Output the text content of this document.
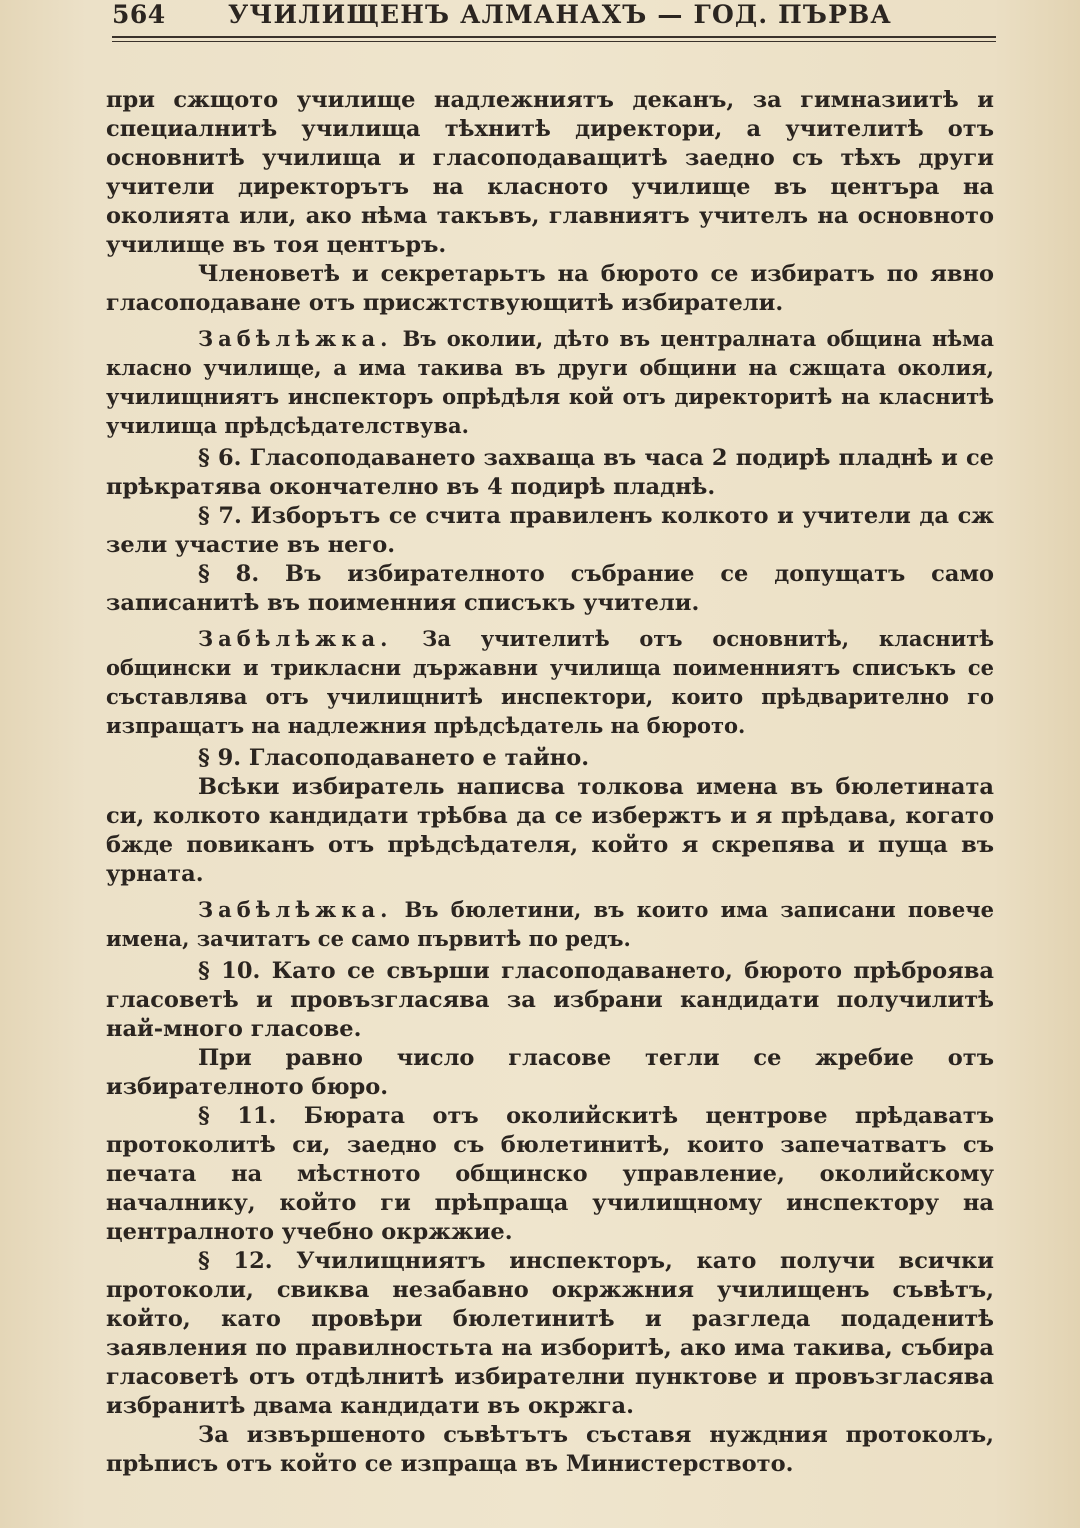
564 УЧИЛИЩЕНЪ АЛМАНАХЪ — ГОД. ПЪРВА

при сжщото училище надлежниятъ деканъ, за гимназиитѣ и специалнитѣ училища тѣхнитѣ директори, а учителитѣ отъ основнитѣ училища и гласоподаващитѣ заедно съ тѣхъ други учители директорътъ на класното училище въ центъра на околията или, ако нѣма такъвъ, главниятъ учителъ на основното училище въ тоя центъръ.

Членоветѣ и секретарьтъ на бюрото се избиратъ по явно гласоподаване отъ присжтствующитѣ избиратели.

Забѣлѣжка. Въ околии, дѣто въ централната община нѣма класно училище, а има такива въ други общини на сжщата околия, училищниятъ инспекторъ опрѣдѣля кой отъ директоритѣ на класнитѣ училища прѣдсѣдателствува.

§ 6. Гласоподаването захваща въ часа 2 подирѣ пладнѣ и се прѣкратява окончателно въ 4 подирѣ пладнѣ.

§ 7. Изборътъ се счита правиленъ колкото и учители да сж зели участие въ него.

§ 8. Въ избирателното събрание се допущатъ само записанитѣ въ поименния списъкъ учители.

Забѣлѣжка. За учителитѣ отъ основнитѣ, класнитѣ общински и трикласни държавни училища поименниятъ списъкъ се съставлява отъ училищнитѣ инспектори, които прѣдварително го изпращатъ на надлежния прѣдсѣдатель на бюрото.

§ 9. Гласоподаването е тайно.

Всѣки избиратель написва толкова имена въ бюлетината си, колкото кандидати трѣбва да се избержтъ и я прѣдава, когато бжде повиканъ отъ прѣдсѣдателя, който я скрепява и пуща въ урната.

Забѣлѣжка. Въ бюлетини, въ които има записани повече имена, зачитатъ се само първитѣ по редъ.

§ 10. Като се свърши гласоподаването, бюрото прѣброява гласоветѣ и провъзгласява за избрани кандидати получилитѣ най-много гласове.

При равно число гласове тегли се жребие отъ избирателното бюро.

§ 11. Бюрата отъ околийскитѣ центрове прѣдаватъ протоколитѣ си, заедно съ бюлетинитѣ, които запечатватъ съ печата на мѣстното общинско управление, околийскому началнику, който ги прѣпраща училищному инспектору на централното учебно окржжие.

§ 12. Училищниятъ инспекторъ, като получи всички протоколи, свиква незабавно окржжния училищенъ съвѣтъ, който, като провѣри бюлетинитѣ и разгледа подаденитѣ заявления по правилностьта на изборитѣ, ако има такива, събира гласоветѣ отъ отдѣлнитѣ избирателни пунктове и провъзгласява избранитѣ двама кандидати въ окржга.

За извършеното съвѣтътъ съставя нуждния протоколъ, прѣписъ отъ който се изпраща въ Министерството.
